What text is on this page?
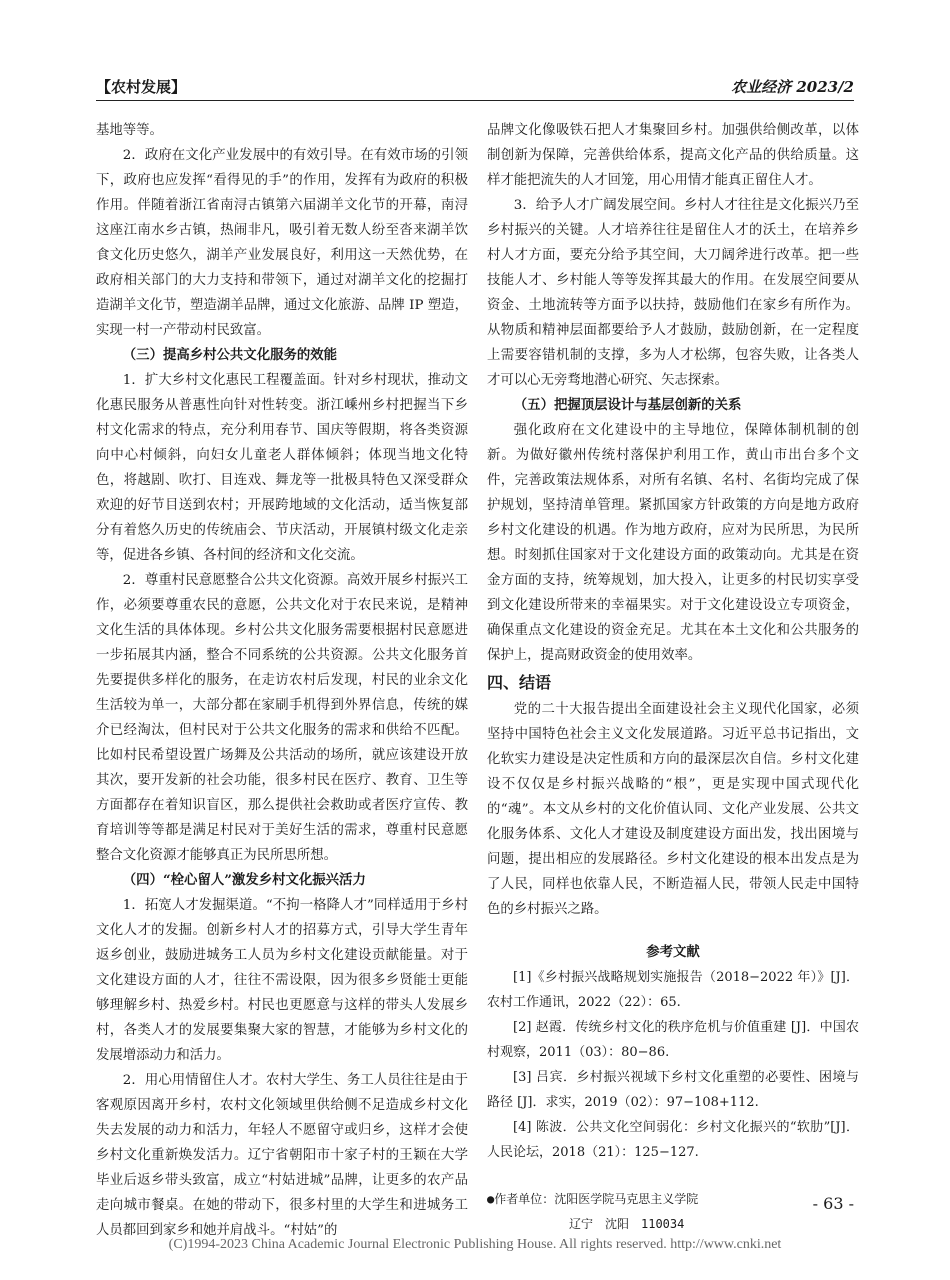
【农村发展】	农业经济 2023/2

基地等等。

2．政府在文化产业发展中的有效引导。在有效市场的引领下，政府也应发挥“看得见的手”的作用，发挥有为政府的积极作用。伴随着浙江省南浔古镇第六届湖羊文化节的开幕，南浔这座江南水乡古镇，热闹非凡，吸引着无数人纷至沓来湖羊饮食文化历史悠久，湖羊产业发展良好，利用这一天然优势，在政府相关部门的大力支持和带领下，通过对湖羊文化的挖掘打造湖羊文化节，塑造湖羊品牌，通过文化旅游、品牌 IP 塑造，实现一村一产带动村民致富。

（三）提高乡村公共文化服务的效能

1．扩大乡村文化惠民工程覆盖面。针对乡村现状，推动文化惠民服务从普惠性向针对性转变。浙江嵊州乡村把握当下乡村文化需求的特点，充分利用春节、国庆等假期，将各类资源向中心村倾斜，向妇女儿童老人群体倾斜；体现当地文化特色，将越剧、吹打、目连戏、舞龙等一批极具特色又深受群众欢迎的好节目送到农村；开展跨地域的文化活动，适当恢复部分有着悠久历史的传统庙会、节庆活动，开展镇村级文化走亲等，促进各乡镇、各村间的经济和文化交流。

2．尊重村民意愿整合公共文化资源。高效开展乡村振兴工作，必须要尊重农民的意愿，公共文化对于农民来说，是精神文化生活的具体体现。乡村公共文化服务需要根据村民意愿进一步拓展其内涵，整合不同系统的公共资源。公共文化服务首先要提供多样化的服务，在走访农村后发现，村民的业余文化生活较为单一，大部分都在家刷手机得到外界信息，传统的媒介已经淘汰，但村民对于公共文化服务的需求和供给不匹配。比如村民希望设置广场舞及公共活动的场所，就应该建设开放其次，要开发新的社会功能，很多村民在医疗、教育、卫生等方面都存在着知识盲区，那么提供社会救助或者医疗宣传、教育培训等等都是满足村民对于美好生活的需求，尊重村民意愿整合文化资源才能够真正为民所思所想。

（四）“栓心留人”激发乡村文化振兴活力

1．拓宽人才发掘渠道。“不拘一格降人才”同样适用于乡村文化人才的发掘。创新乡村人才的招募方式，引导大学生青年返乡创业，鼓励进城务工人员为乡村文化建设贡献能量。对于文化建设方面的人才，往往不需设限，因为很多乡贤能士更能够理解乡村、热爱乡村。村民也更愿意与这样的带头人发展乡村，各类人才的发展要集聚大家的智慧，才能够为乡村文化的发展增添动力和活力。

2．用心用情留住人才。农村大学生、务工人员往往是由于客观原因离开乡村，农村文化领域里供给侧不足造成乡村文化失去发展的动力和活力，年轻人不愿留守或归乡，这样才会使乡村文化重新焕发活力。辽宁省朝阳市十家子村的王颖在大学毕业后返乡带头致富，成立“村姑进城”品牌，让更多的农产品走向城市餐桌。在她的带动下，很多村里的大学生和进城务工人员都回到家乡和她并肩战斗。“村姑”的

品牌文化像吸铁石把人才集聚回乡村。加强供给侧改革，以体制创新为保障，完善供给体系，提高文化产品的供给质量。这样才能把流失的人才回笼，用心用情才能真正留住人才。

3．给予人才广阔发展空间。乡村人才往往是文化振兴乃至乡村振兴的关键。人才培养往往是留住人才的沃土，在培养乡村人才方面，要充分给予其空间，大刀阔斧进行改革。把一些技能人才、乡村能人等等发挥其最大的作用。在发展空间要从资金、土地流转等方面予以扶持，鼓励他们在家乡有所作为。从物质和精神层面都要给予人才鼓励，鼓励创新，在一定程度上需要容错机制的支撑，多为人才松绑，包容失败，让各类人才可以心无旁骛地潜心研究、矢志探索。

（五）把握顶层设计与基层创新的关系

强化政府在文化建设中的主导地位，保障体制机制的创新。为做好徽州传统村落保护利用工作，黄山市出台多个文件，完善政策法规体系，对所有名镇、名村、名街均完成了保护规划，坚持清单管理。紧抓国家方针政策的方向是地方政府乡村文化建设的机遇。作为地方政府，应对为民所思，为民所想。时刻抓住国家对于文化建设方面的政策动向。尤其是在资金方面的支持，统筹规划，加大投入，让更多的村民切实享受到文化建设所带来的幸福果实。对于文化建设设立专项资金，确保重点文化建设的资金充足。尤其在本土文化和公共服务的保护上，提高财政资金的使用效率。

四、结语

党的二十大报告提出全面建设社会主义现代化国家，必须坚持中国特色社会主义文化发展道路。习近平总书记指出，文化软实力建设是决定性质和方向的最深层次自信。乡村文化建设不仅仅是乡村振兴战略的“根”，更是实现中国式现代化的“魂”。本文从乡村的文化价值认同、文化产业发展、公共文化服务体系、文化人才建设及制度建设方面出发，找出困境与问题，提出相应的发展路径。乡村文化建设的根本出发点是为了人民，同样也依靠人民，不断造福人民，带领人民走中国特色的乡村振兴之路。

参考文献

[1]《乡村振兴战略规划实施报告（2018−2022 年）》[J]．农村工作通讯，2022（22）：65.
[2] 赵霞．传统乡村文化的秩序危机与价值重建 [J]．中国农村观察，2011（03）：80−86.
[3] 吕宾．乡村振兴视域下乡村文化重塑的必要性、困境与路径 [J]．求实，2019（02）：97−108+112.
[4] 陈波．公共文化空间弱化：乡村文化振兴的“软肋”[J]．人民论坛，2018（21）：125−127.
●作者单位：沈阳医学院马克思主义学院
辽宁　沈阳　110034
- 63 -
(C)1994-2023 China Academic Journal Electronic Publishing House. All rights reserved. http://www.cnki.net
